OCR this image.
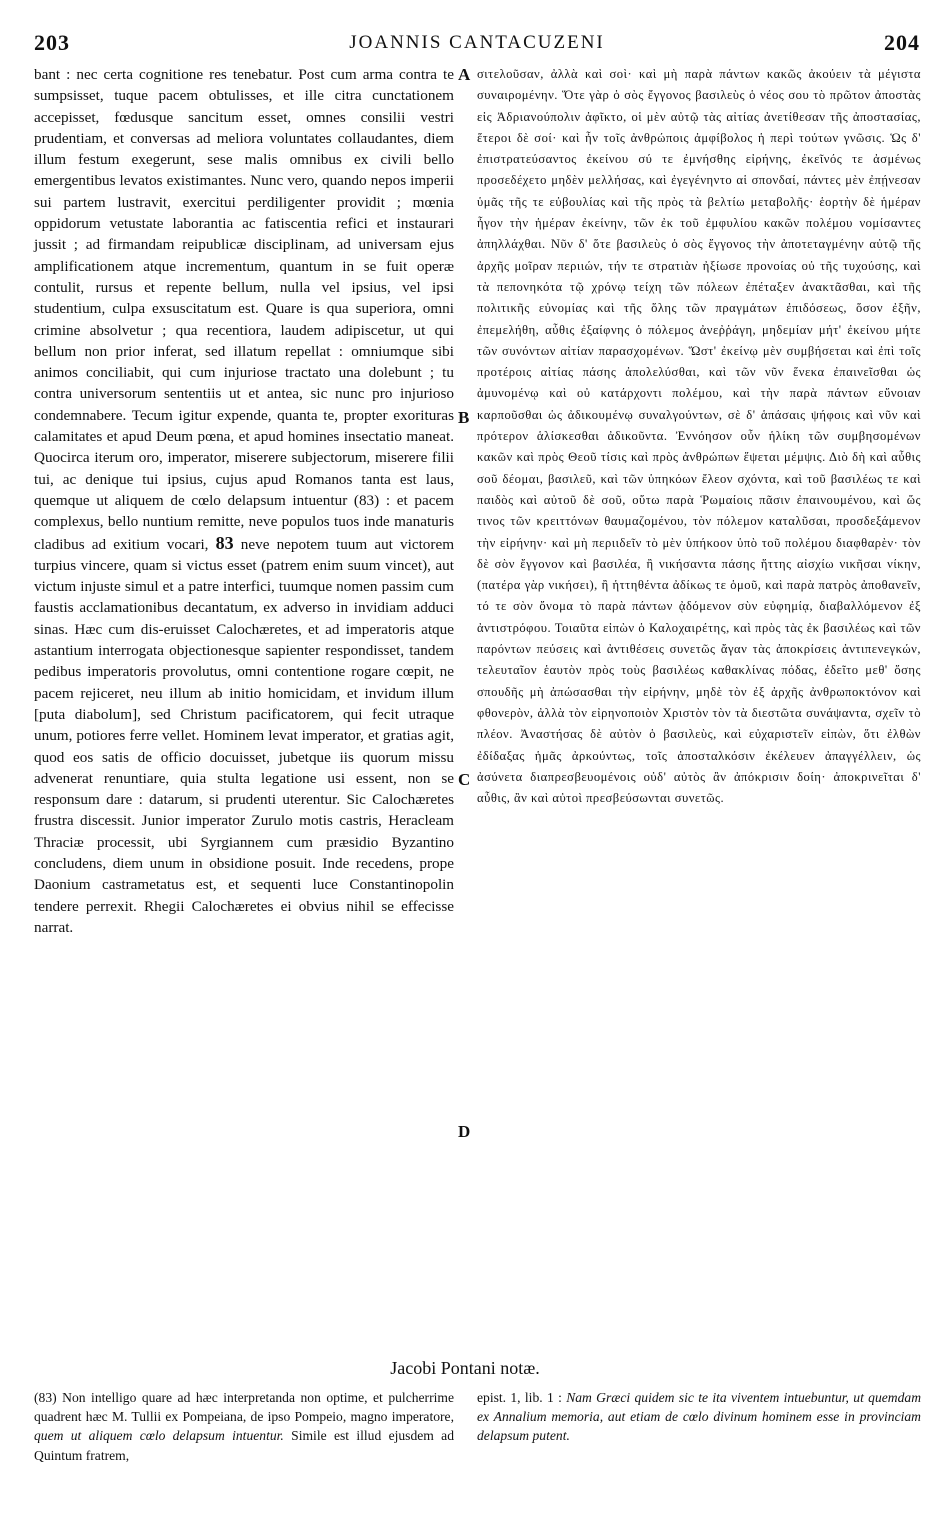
203	JOANNIS CANTACUZENI	204

bant : nec certa cognitione res tenebatur. Post cum arma contra te sumpsisset, tuque pacem obtulisses, et ille citra cunctationem accepisset, fœdusque sancitum esset, omnes consilii vestri prudentiam, et conversas ad meliora voluntates collaudantes, diem illum festum exegerunt, sese malis omnibus ex civili bello emergentibus levatos existimantes. Nunc vero, quando nepos imperii sui partem lustravit, exercitui perdiligenter providit ; mœnia oppidorum vetustate laborantia ac fatiscentia refici et instaurari jussit ; ad firmandam reipublicæ disciplinam, ad universam ejus amplificationem atque incrementum, quantum in se fuit operæ contulit, rursus et repente bellum, nulla vel ipsius, vel ipsi studentium, culpa exsuscitatum est. Quare is qua superiora, omni crimine absolvetur ; qua recentiora, laudem adipiscetur, ut qui bellum non prior inferat, sed illatum repellat : omniumque sibi animos conciliabit, qui cum injuriose tractato una dolebunt ; tu contra universorum sententiis ut et antea, sic nunc pro injurioso condemnabere. Tecum igitur expende, quanta te, propter exorituras calamitates et apud Deum pœna, et apud homines insectatio maneat. Quocirca iterum oro, imperator, miserere subjectorum, miserere filii tui, ac denique tui ipsius, cujus apud Romanos tanta est laus, quemque ut aliquem de cœlo delapsum intuentur (83) : et pacem complexus, bello nuntium remitte, neve populos tuos inde manaturis cladibus ad exitium vocari, 83 neve nepotem tuum aut victorem turpius vincere, quam si victus esset (patrem enim suum vincet), aut victum injuste simul et a patre interfici, tuumque nomen passim cum faustis acclamationibus decantatum, ex adverso in invidiam adduci sinas. Hæc cum dis-eruisset Calochæretes, et ad imperatoris atque astantium interrogata objectionesque sapienter respondisset, tandem pedibus imperatoris provolutus, omni contentione rogare cœpit, ne pacem rejiceret, neu illum ab initio homicidam, et invidum illum [puta diabolum], sed Christum pacificatorem, qui fecit utraque unum, potiores ferre vellet. Hominem levat imperator, et gratias agit, quod eos satis de officio docuisset, jubetque iis quorum missu advenerat renuntiare, quia stulta legatione usi essent, non se responsum dare : datarum, si prudenti uterentur. Sic Calochæretes frustra discessit. Junior imperator Zurulo motis castris, Heracleam Thraciæ processit, ubi Syrgiannem cum præsidio Byzantino concludens, diem unum in obsidione posuit. Inde recedens, prope Daonium castrametatus est, et sequenti luce Constantinopolin tendere perrexit. Rhegii Calochæretes ei obvius nihil se effecisse narrat.

A
B
C
D

σιτελοῦσαν, ἀλλὰ καὶ σοὶ· καὶ μὴ παρὰ πάντων κακῶς ἀκούειν τὰ μέγιστα συναιρομένην. Ὅτε γὰρ ὁ σὸς ἔγγονος βασιλεὺς ὁ νέος σου τὸ πρῶτον ἀποστὰς εἰς Ἀδριανούπολιν ἀφῖκτο, οἱ μὲν αὐτῷ τὰς αἰτίας ἀνετίθεσαν τῆς ἀποστασίας, ἕτεροι δὲ σοί· καὶ ἦν τοῖς ἀνθρώποις ἀμφίβολος ἡ περὶ τούτων γνῶσις. Ὡς δ' ἐπιστρατεύσαντος ἐκείνου σύ τε ἐμνήσθης εἰρήνης, ἐκεῖνός τε ἀσμένως προσεδέχετο μηδὲν μελλήσας, καὶ ἐγεγένηντο αἱ σπονδαί, πάντες μὲν ἐπῄνεσαν ὑμᾶς τῆς τε εὐβουλίας καὶ τῆς πρὸς τὰ βελτίω μεταβολῆς· ἑορτὴν δὲ ἡμέραν ἦγον τὴν ἡμέραν ἐκείνην, τῶν ἐκ τοῦ ἐμφυλίου κακῶν πολέμου νομίσαντες ἀπηλλάχθαι. Νῦν δ' ὅτε βασιλεὺς ὁ σὸς ἔγγονος τὴν ἀποτεταγμένην αὐτῷ τῆς ἀρχῆς μοῖραν περιιών, τήν τε στρατιὰν ἠξίωσε προνοίας οὐ τῆς τυχούσης, καὶ τὰ πεπονηκότα τῷ χρόνῳ τείχη τῶν πόλεων ἐπέταξεν ἀνακτᾶσθαι, καὶ τῆς πολιτικῆς εὐνομίας καὶ τῆς ὅλης τῶν πραγμάτων ἐπιδόσεως, ὅσον ἐξῆν, ἐπεμελήθη, αὖθις ἐξαίφνης ὁ πόλεμος ἀνεῤῥάγη, μηδεμίαν μήτ' ἐκείνου μήτε τῶν συνόντων αἰτίαν παρασχομένων. Ὥστ' ἐκείνῳ μὲν συμβήσεται καὶ ἐπὶ τοῖς προτέροις αἰτίας πάσης ἀπολελύσθαι, καὶ τῶν νῦν ἕνεκα ἐπαινεῖσθαι ὡς ἀμυνομένῳ καὶ οὐ κατάρχοντι πολέμου, καὶ τὴν παρὰ πάντων εὔνοιαν καρποῦσθαι ὡς ἀδικουμένῳ συναλγούντων, σὲ δ' ἁπάσαις ψήφοις καὶ νῦν καὶ πρότερον ἁλίσκεσθαι ἀδικοῦντα. Ἐννόησον οὖν ἡλίκη τῶν συμβησομένων κακῶν καὶ πρὸς Θεοῦ τίσις καὶ πρὸς ἀνθρώπων ἕψεται μέμψις. Διὸ δὴ καὶ αὖθις σοῦ δέομαι, βασιλεῦ, καὶ τῶν ὑπηκόων ἔλεον σχόντα, καὶ τοῦ βασιλέως τε καὶ παιδὸς καὶ αὐτοῦ δὲ σοῦ, οὕτω παρὰ Ῥωμαίοις πᾶσιν ἐπαινουμένου, καὶ ὥς τινος τῶν κρειττόνων θαυμαζομένου, τὸν πόλεμον καταλῦσαι, προσδεξάμενον τὴν εἰρήνην· καὶ μὴ περιιδεῖν τὸ μὲν ὑπήκοον ὑπὸ τοῦ πολέμου διαφθαρὲν· τὸν δὲ σὸν ἔγγονον καὶ βασιλέα, ἢ νικήσαντα πάσης ἥττης αἰσχίω νικῆσαι νίκην, (πατέρα γὰρ νικήσει), ἢ ἡττηθέντα ἀδίκως τε ὁμοῦ, καὶ παρὰ πατρὸς ἀποθανεῖν, τό τε σὸν ὄνομα τὸ παρὰ πάντων ᾀδόμενον σὺν εὐφημίᾳ, διαβαλλόμενον ἐξ ἀντιστρόφου. Τοιαῦτα εἰπὼν ὁ Καλοχαιρέτης, καὶ πρὸς τὰς ἐκ βασιλέως καὶ τῶν παρόντων πεύσεις καὶ ἀντιθέσεις συνετῶς ἄγαν τὰς ἀποκρίσεις ἀντιπενεγκών, τελευταῖον ἑαυτὸν πρὸς τοὺς βασιλέως καθακλίνας πόδας, ἐδεῖτο μεθ' ὅσης σπουδῆς μὴ ἀπώσασθαι τὴν εἰρήνην, μηδὲ τὸν ἐξ ἀρχῆς ἀνθρωποκτόνον καὶ φθονερὸν, ἀλλὰ τὸν εἰρηνοποιὸν Χριστὸν τὸν τὰ διεστῶτα συνάψαντα, σχεῖν τὸ πλέον. Ἀναστήσας δὲ αὐτὸν ὁ βασιλεὺς, καὶ εὐχαριστεῖν εἰπὼν, ὅτι ἐλθὼν ἐδίδαξας ἡμᾶς ἀρκούντως, τοῖς ἀποσταλκόσιν ἐκέλευεν ἀπαγγέλλειν, ὡς ἀσύνετα διαπρεσβευομένοις οὐδ' αὐτὸς ἂν ἀπόκρισιν δοίη· ἀποκρινεῖται δ' αὖθις, ἂν καὶ αὐτοὶ πρεσβεύσωνται συνετῶς.

Jacobi Pontani notæ.

(83) Non intelligo quare ad hæc interpretanda non optime, et pulcherrime quadrent hæc M. Tullii ex Pompeiana, de ipso Pompeio, magno imperatore, quem ut aliquem cœlo delapsum intuentur. Simile est illud ejusdem ad Quintum fratrem,

epist. 1, lib. 1 : Nam Græci quidem sic te ita viventem intuebuntur, ut quemdam ex Annalium memoria, aut etiam de cœlo divinum hominem esse in provinciam delapsum putent.
